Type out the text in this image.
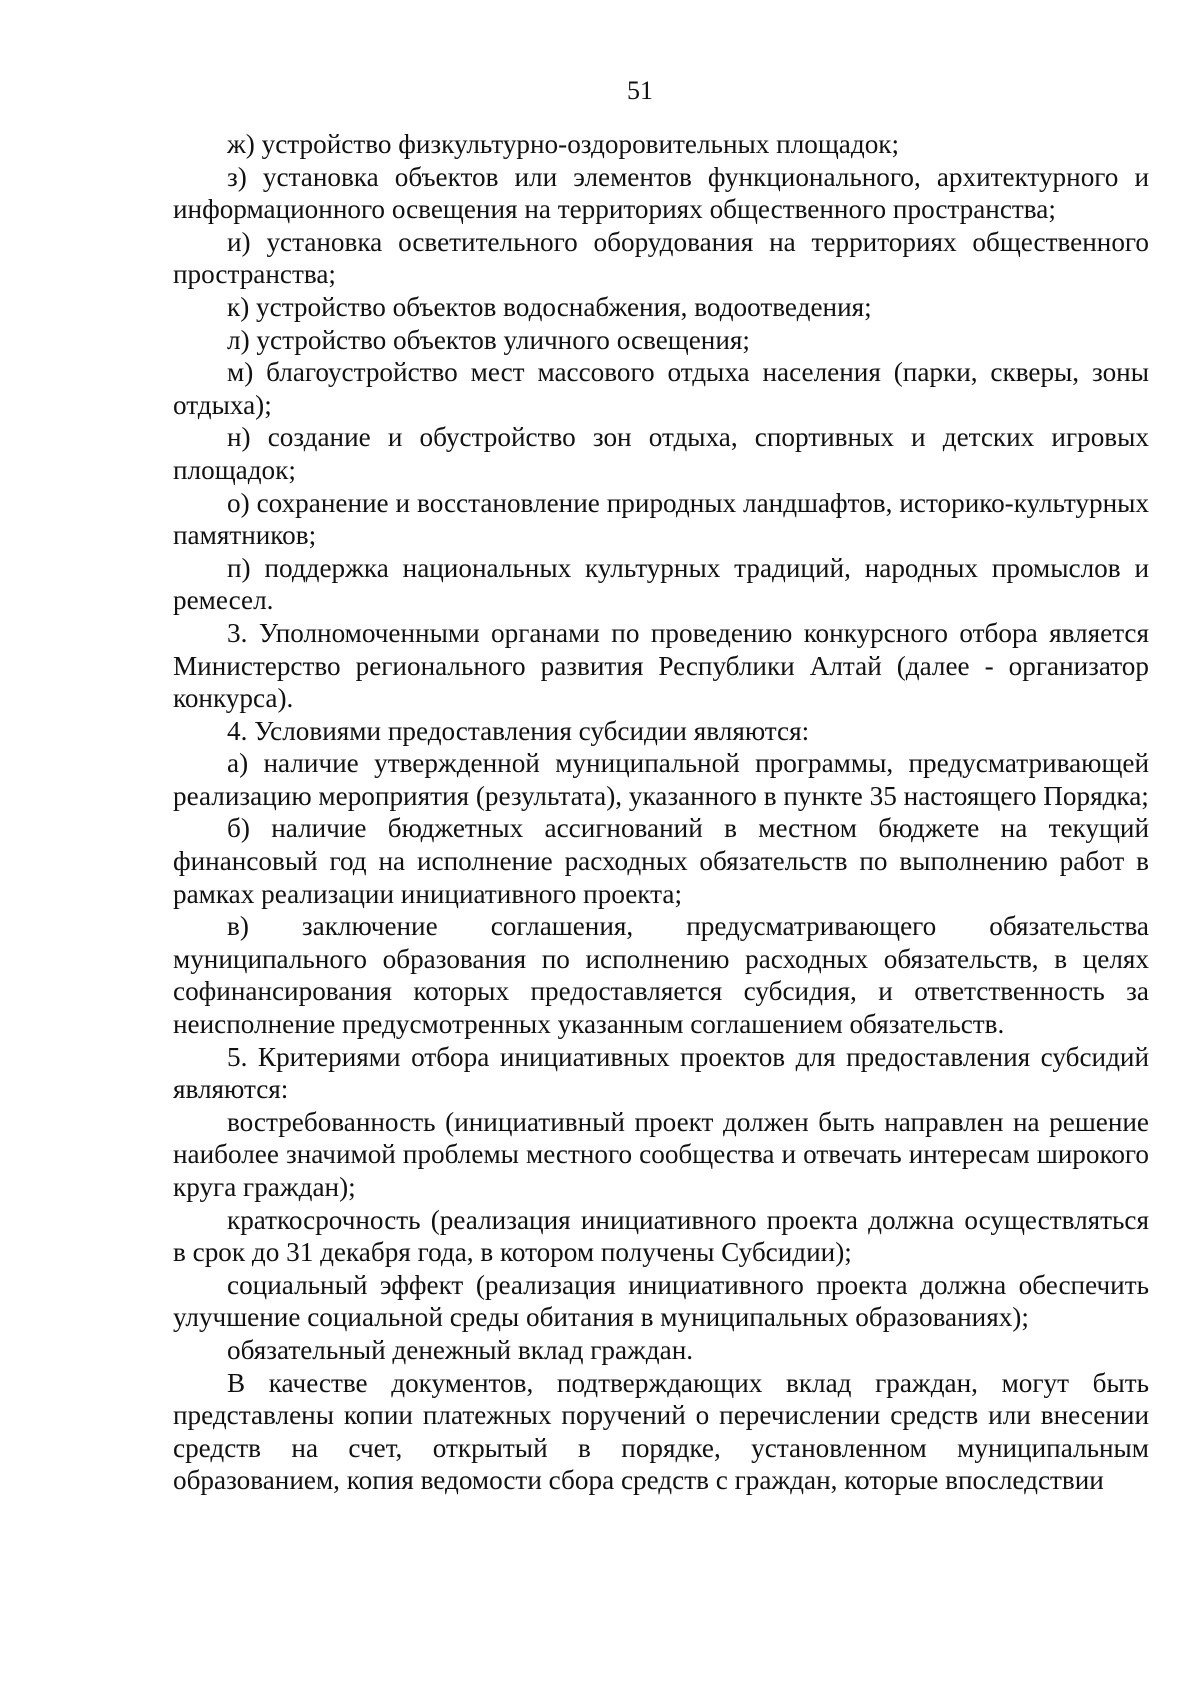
51

ж) устройство физкультурно-оздоровительных площадок;

з) установка объектов или элементов функционального, архитектурного и информационного освещения на территориях общественного пространства;

и) установка осветительного оборудования на территориях общественного пространства;

к) устройство объектов водоснабжения, водоотведения;

л) устройство объектов уличного освещения;

м) благоустройство мест массового отдыха населения (парки, скверы, зоны отдыха);

н) создание и обустройство зон отдыха, спортивных и детских игровых площадок;

о) сохранение и восстановление природных ландшафтов, историко-культурных памятников;

п) поддержка национальных культурных традиций, народных промыслов и ремесел.

3. Уполномоченными органами по проведению конкурсного отбора является Министерство регионального развития Республики Алтай (далее - организатор конкурса).

4. Условиями предоставления субсидии являются:

а) наличие утвержденной муниципальной программы, предусматривающей реализацию мероприятия (результата), указанного в пункте 35 настоящего Порядка;

б) наличие бюджетных ассигнований в местном бюджете на текущий финансовый год на исполнение расходных обязательств по выполнению работ в рамках реализации инициативного проекта;

в) заключение соглашения, предусматривающего обязательства муниципального образования по исполнению расходных обязательств, в целях софинансирования которых предоставляется субсидия, и ответственность за неисполнение предусмотренных указанным соглашением обязательств.

5. Критериями отбора инициативных проектов для предоставления субсидий являются:

востребованность (инициативный проект должен быть направлен на решение наиболее значимой проблемы местного сообщества и отвечать интересам широкого круга граждан);

краткосрочность (реализация инициативного проекта должна осуществляться в срок до 31 декабря года, в котором получены Субсидии);

социальный эффект (реализация инициативного проекта должна обеспечить улучшение социальной среды обитания в муниципальных образованиях);

обязательный денежный вклад граждан.

В качестве документов, подтверждающих вклад граждан, могут быть представлены копии платежных поручений о перечислении средств или внесении средств на счет, открытый в порядке, установленном муниципальным образованием, копия ведомости сбора средств с граждан, которые впоследствии
